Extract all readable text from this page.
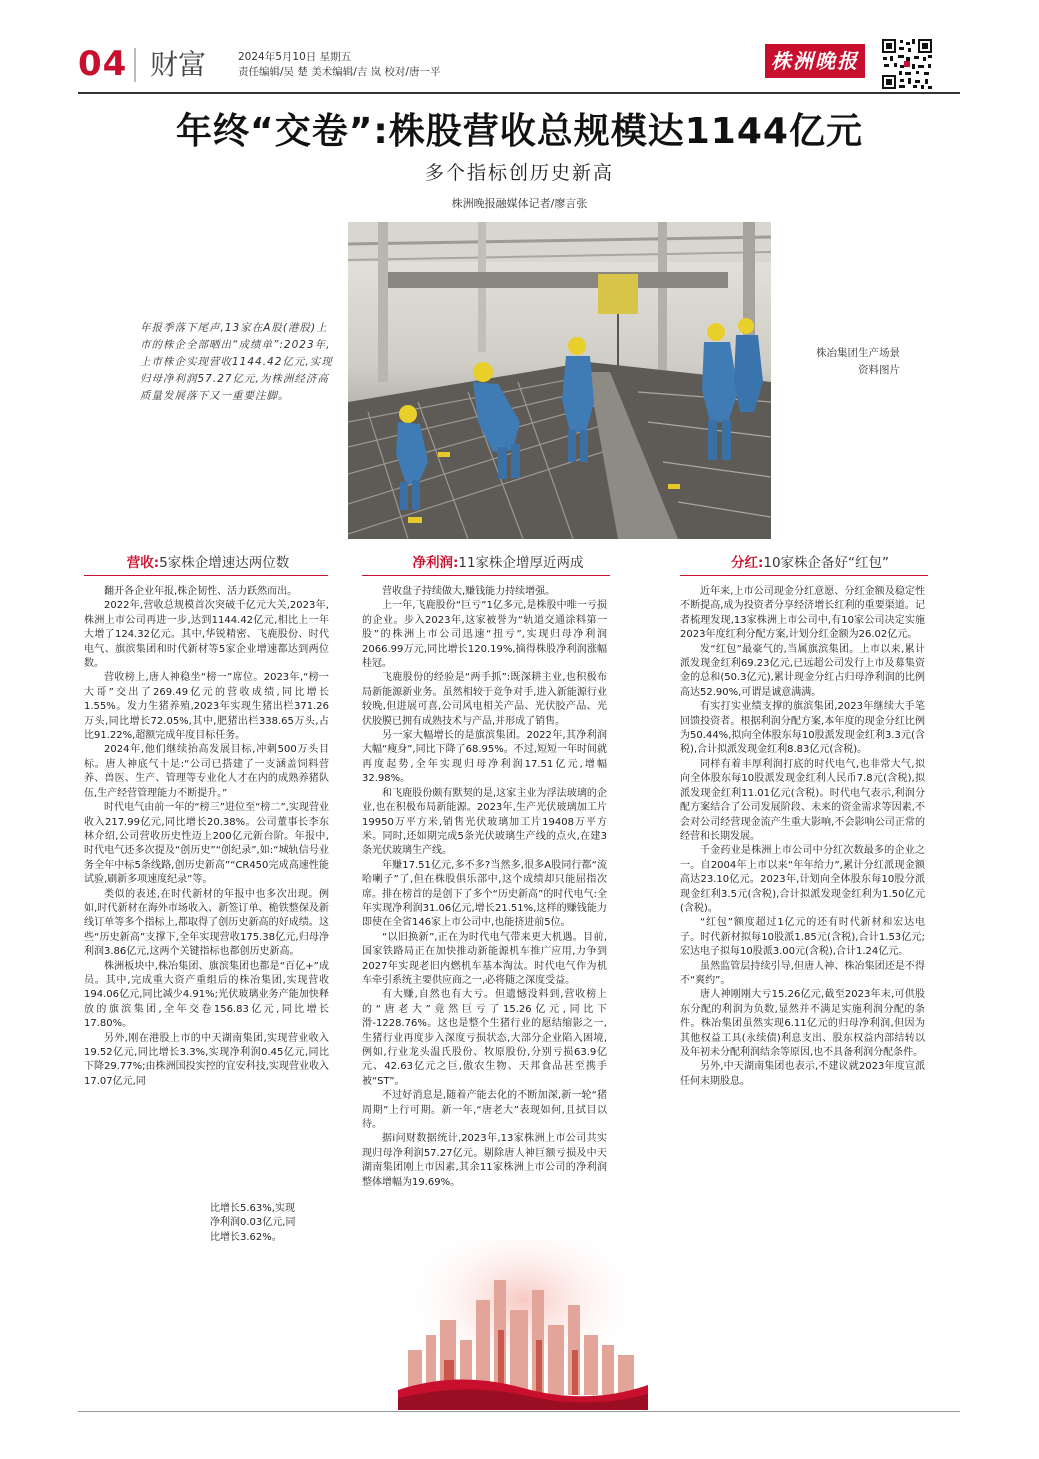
04 财富	2024年5月10日 星期五
责任编辑/吴 楚 美术编辑/吉 岚 校对/唐一平	株洲晚报
年终“交卷”:株股营收总规模达1144亿元
多个指标创历史新高
株洲晚报融媒体记者/廖言张
年报季落下尾声,13家在A股(港股)上市的株企全部晒出“成绩单”:2023年,上市株企实现营收1144.42亿元,实现归母净利润57.27亿元,为株洲经济高质量发展落下又一重要注脚。
株冶集团生产场景
资料图片
营收:5家株企增速达两位数	净利润:11家株企增厚近两成	分红:10家株企备好“红包”

翻开各企业年报,株企韧性、活力跃然而出。

2022年,营收总规模首次突破千亿元大关,2023年,株洲上市公司再进一步,达到1144.42亿元,相比上一年大增了124.32亿元。其中,华锐精密、飞鹿股份、时代电气、旗滨集团和时代新材等5家企业增速都达到两位数。

营收榜上,唐人神稳坐“榜一”席位。2023年,“榜一大哥”交出了269.49亿元的营收成绩,同比增长1.55%。发力生猪养殖,2023年实现生猪出栏371.26万头,同比增长72.05%,其中,肥猪出栏338.65万头,占比91.22%,超额完成年度目标任务。

2024年,他们继续抬高发展目标,冲刺500万头目标。唐人神底气十足:“公司已搭建了一支涵盖饲料营养、兽医、生产、管理等专业化人才在内的成熟养猪队伍,生产经营管理能力不断提升。”

时代电气由前一年的“榜三”进位至“榜二”,实现营业收入217.99亿元,同比增长20.38%。公司董事长李东林介绍,公司营收历史性迈上200亿元新台阶。年报中,时代电气还多次提及“创历史”“创纪录”,如:“城轨信号业务全年中标5条线路,创历史新高”“CR450完成高速性能试验,刷新多项速度纪录”等。

类似的表述,在时代新材的年报中也多次出现。例如,时代新材在海外市场收入、新签订单、桅铁整保及新线订单等多个指标上,都取得了创历史新高的好成绩。这些“历史新高”支撑下,全年实现营收175.38亿元,归母净利润3.86亿元,这两个关键指标也都创历史新高。

株洲板块中,株冶集团、旗滨集团也都是“百亿+”成员。其中,完成重大资产重组后的株冶集团,实现营收194.06亿元,同比减少4.91%;光伏玻璃业务产能加快释放的旗滨集团,全年交卷156.83亿元,同比增长17.80%。

另外,刚在港股上市的中天湖南集团,实现营业收入19.52亿元,同比增长3.3%,实现净利润0.45亿元,同比下降29.77%;由株洲国投实控的宜安科技,实现营业收入17.07亿元,同

比增长5.63%,实现

净利润0.03亿元,同

比增长3.62%。

营收盘子持续做大,赚钱能力持续增强。

上一年,飞鹿股份“巨亏”1亿多元,是株股中唯一亏损的企业。步入2023年,这家被誉为“轨道交通涂料第一股”的株洲上市公司迅速“扭亏”,实现归母净利润2066.99万元,同比增长120.19%,摘得株股净利润涨幅桂冠。

飞鹿股份的经验是“两手抓”:既深耕主业,也积极布局新能源新业务。虽然相较于竞争对手,进入新能源行业较晚,但进展可喜,公司风电相关产品、光伏胶产品、光伏胶膜已拥有成熟技术与产品,并形成了销售。

另一家大幅增长的是旗滨集团。2022年,其净利润大幅“瘦身”,同比下降了68.95%。不过,短短一年时间就再度起势,全年实现归母净利润17.51亿元,增幅32.98%。

和飞鹿股份颇有默契的是,这家主业为浮法玻璃的企业,也在积极布局新能源。2023年,生产光伏玻璃加工片19950万平方米,销售光伏玻璃加工片19408万平方米。同时,还如期完成5条光伏玻璃生产线的点火,在建3条光伏玻璃生产线。

年赚17.51亿元,多不多?当然多,很多A股同行都“流哈喇子”了,但在株股俱乐部中,这个成绩却只能屈指次席。排在榜首的是创下了多个“历史新高”的时代电气:全年实现净利润31.06亿元,增长21.51%,这样的赚钱能力即使在全省146家上市公司中,也能挤进前5位。

“以旧换新”,正在为时代电气带来更大机遇。目前,国家铁路局正在加快推动新能源机车推广应用,力争到2027年实现老旧内燃机车基本淘汰。时代电气作为机车牵引系统主要供应商之一,必将随之深度受益。

有大赚,自然也有大亏。但遗憾没料到,营收榜上的“唐老大”竟然巨亏了15.26亿元,同比下滑-1228.76%。这也是整个生猪行业的愿结缩影之一,生猪行业再度步入深度亏损状态,大部分企业陷入困境,例如,行业龙头温氏股份、牧原股份,分别亏损63.9亿元、42.63亿元之巨,傲农生物、天邦食品甚至携手被“ST”。

不过好消息是,随着产能去化的不断加深,新一轮“猪周期”上行可期。新一年,“唐老大”表现如何,且拭目以待。

据i问财数据统计,2023年,13家株洲上市公司共实现归母净利润57.27亿元。剔除唐人神巨额亏损及中天湖南集团刚上市因素,其余11家株洲上市公司的净利润整体增幅为19.69%。

近年来,上市公司现金分红意愿、分红金额及稳定性不断提高,成为投资者分享经济增长红利的重要渠道。记者梳理发现,13家株洲上市公司中,有10家公司决定实施2023年度红利分配方案,计划分红金额为26.02亿元。

发“红包”最豪气的,当属旗滨集团。上市以来,累计派发现金红利69.23亿元,已远超公司发行上市及募集资金的总和(50.3亿元),累计现金分红占归母净利润的比例高达52.90%,可谓是诚意满满。

有实打实业绩支撑的旗滨集团,2023年继续大手笔回馈投资者。根据利润分配方案,本年度的现金分红比例为50.44%,拟向全体股东每10股派发现金红利3.3元(含税),合计拟派发现金红利8.83亿元(含税)。

同样有着丰厚利润打底的时代电气,也非常大气,拟向全体股东每10股派发现金红利人民币7.8元(含税),拟派发现金红利11.01亿元(含税)。时代电气表示,利润分配方案结合了公司发展阶段、未来的资金需求等因素,不会对公司经营现金流产生重大影响,不会影响公司正常的经营和长期发展。

千金药业是株洲上市公司中分红次数最多的企业之一。自2004年上市以来“年年给力”,累计分红派现金额高达23.10亿元。2023年,计划向全体股东每10股分派现金红利3.5元(含税),合计拟派发现金红利为1.50亿元(含税)。

“红包”额度超过1亿元的还有时代新材和宏达电子。时代新材拟每10股派1.85元(含税),合计1.53亿元;宏达电子拟每10股派3.00元(含税),合计1.24亿元。

虽然监管层持续引导,但唐人神、株冶集团还是不得不“爽约”。

唐人神刚刚大亏15.26亿元,截至2023年末,可供股东分配的利润为负数,显然并不满足实施利润分配的条件。株冶集团虽然实现6.11亿元的归母净利润,但因为其他权益工具(永续债)利息支出、股东权益内部结转以及年初未分配利润结余等原因,也不具备利润分配条件。

另外,中天湖南集团也表示,不建议就2023年度宣派任何末期股息。
